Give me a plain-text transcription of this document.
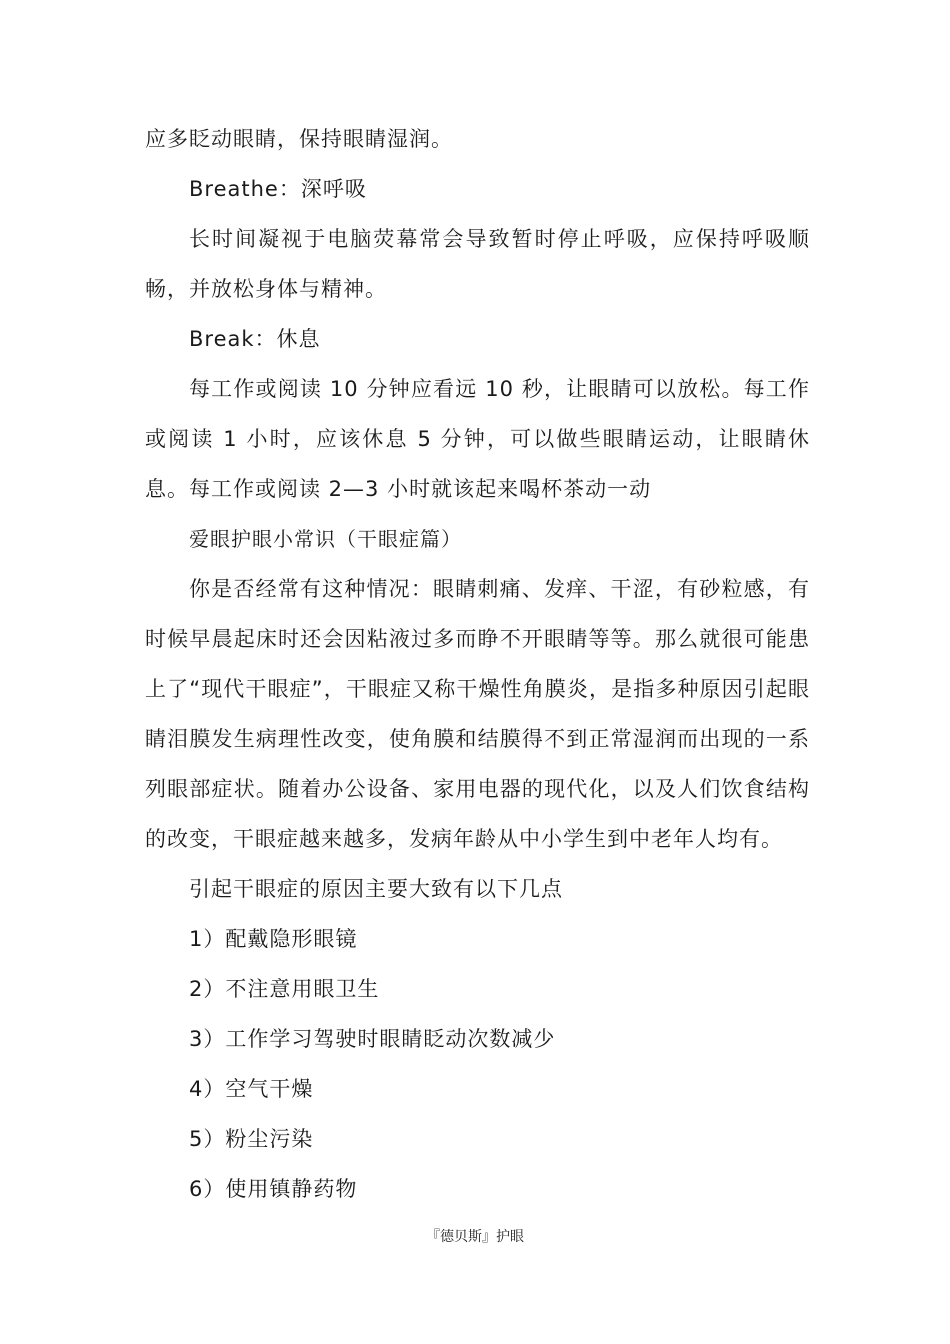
应多眨动眼睛，保持眼睛湿润。

Breathe：深呼吸

长时间凝视于电脑荧幕常会导致暂时停止呼吸，应保持呼吸顺畅，并放松身体与精神。

Break：休息

每工作或阅读 10 分钟应看远 10 秒，让眼睛可以放松。每工作或阅读 1 小时，应该休息 5 分钟，可以做些眼睛运动，让眼睛休息。每工作或阅读 2—3 小时就该起来喝杯茶动一动

爱眼护眼小常识（干眼症篇）

你是否经常有这种情况：眼睛刺痛、发痒、干涩，有砂粒感，有时候早晨起床时还会因粘液过多而睁不开眼睛等等。那么就很可能患上了“现代干眼症”，干眼症又称干燥性角膜炎，是指多种原因引起眼睛泪膜发生病理性改变，使角膜和结膜得不到正常湿润而出现的一系列眼部症状。随着办公设备、家用电器的现代化，以及人们饮食结构的改变，干眼症越来越多，发病年龄从中小学生到中老年人均有。

引起干眼症的原因主要大致有以下几点

1）配戴隐形眼镜

2）不注意用眼卫生

3）工作学习驾驶时眼睛眨动次数减少

4）空气干燥

5）粉尘污染

6）使用镇静药物

『德贝斯』护眼
